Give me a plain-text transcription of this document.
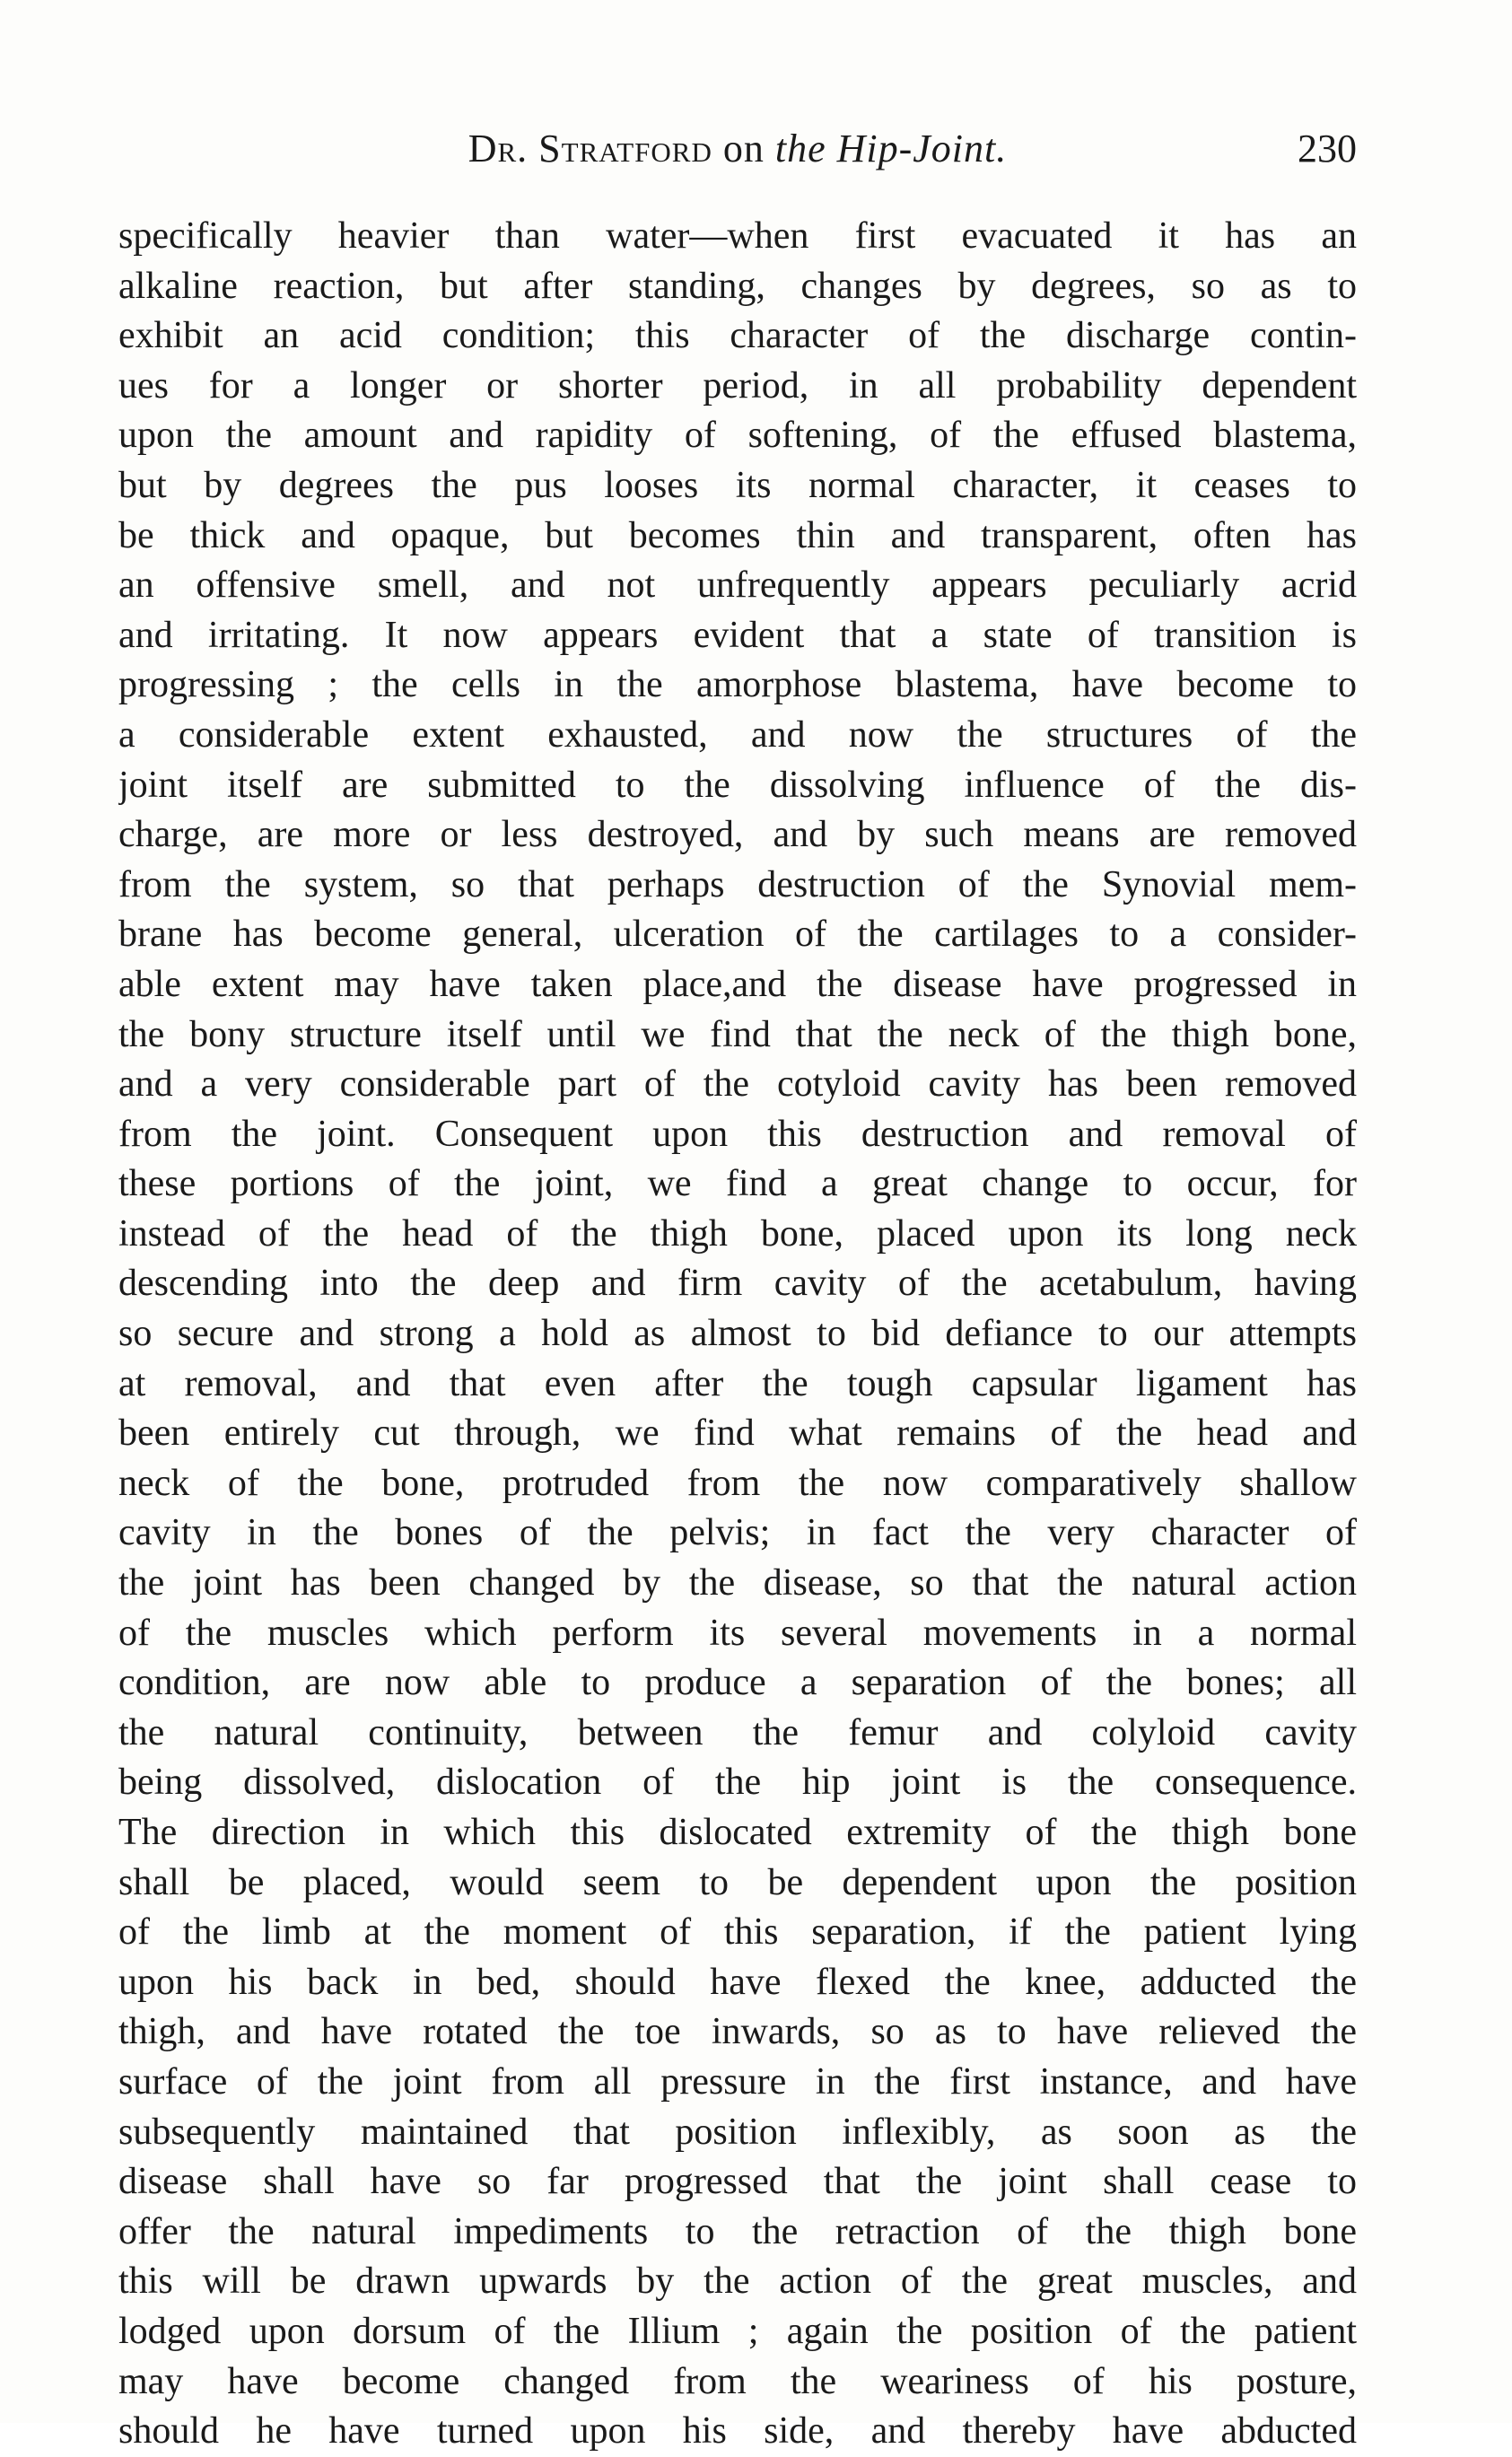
Dr. Stratford on the Hip-Joint.	230
specifically heavier than water—when first evacuated it has an
alkaline reaction, but after standing, changes by degrees, so as to
exhibit an acid condition; this character of the discharge contin-
ues for a longer or shorter period, in all probability dependent
upon the amount and rapidity of softening, of the effused blastema,
but by degrees the pus looses its normal character, it ceases to
be thick and opaque, but becomes thin and transparent, often has
an offensive smell, and not unfrequently appears peculiarly acrid
and irritating. It now appears evident that a state of transition is
progressing ; the cells in the amorphose blastema, have become to
a considerable extent exhausted, and now the structures of the
joint itself are submitted to the dissolving influence of the dis-
charge, are more or less destroyed, and by such means are removed
from the system, so that perhaps destruction of the Synovial mem-
brane has become general, ulceration of the cartilages to a consider-
able extent may have taken place,and the disease have progressed in
the bony structure itself until we find that the neck of the thigh bone,
and a very considerable part of the cotyloid cavity has been removed
from the joint. Consequent upon this destruction and removal of
these portions of the joint, we find a great change to occur, for
instead of the head of the thigh bone, placed upon its long neck
descending into the deep and firm cavity of the acetabulum, having
so secure and strong a hold as almost to bid defiance to our attempts
at removal, and that even after the tough capsular ligament has
been entirely cut through, we find what remains of the head and
neck of the bone, protruded from the now comparatively shallow
cavity in the bones of the pelvis; in fact the very character of
the joint has been changed by the disease, so that the natural action
of the muscles which perform its several movements in a normal
condition, are now able to produce a separation of the bones; all
the natural continuity, between the femur and colyloid cavity
being dissolved, dislocation of the hip joint is the consequence.
The direction in which this dislocated extremity of the thigh bone
shall be placed, would seem to be dependent upon the position
of the limb at the moment of this separation, if the patient lying
upon his back in bed, should have flexed the knee, adducted the
thigh, and have rotated the toe inwards, so as to have relieved the
surface of the joint from all pressure in the first instance, and have
subsequently maintained that position inflexibly, as soon as the
disease shall have so far progressed that the joint shall cease to
offer the natural impediments to the retraction of the thigh bone
this will be drawn upwards by the action of the great muscles, and
lodged upon dorsum of the Illium ; again the position of the patient
may have become changed from the weariness of his posture,
should he have turned upon his side, and thereby have abducted
